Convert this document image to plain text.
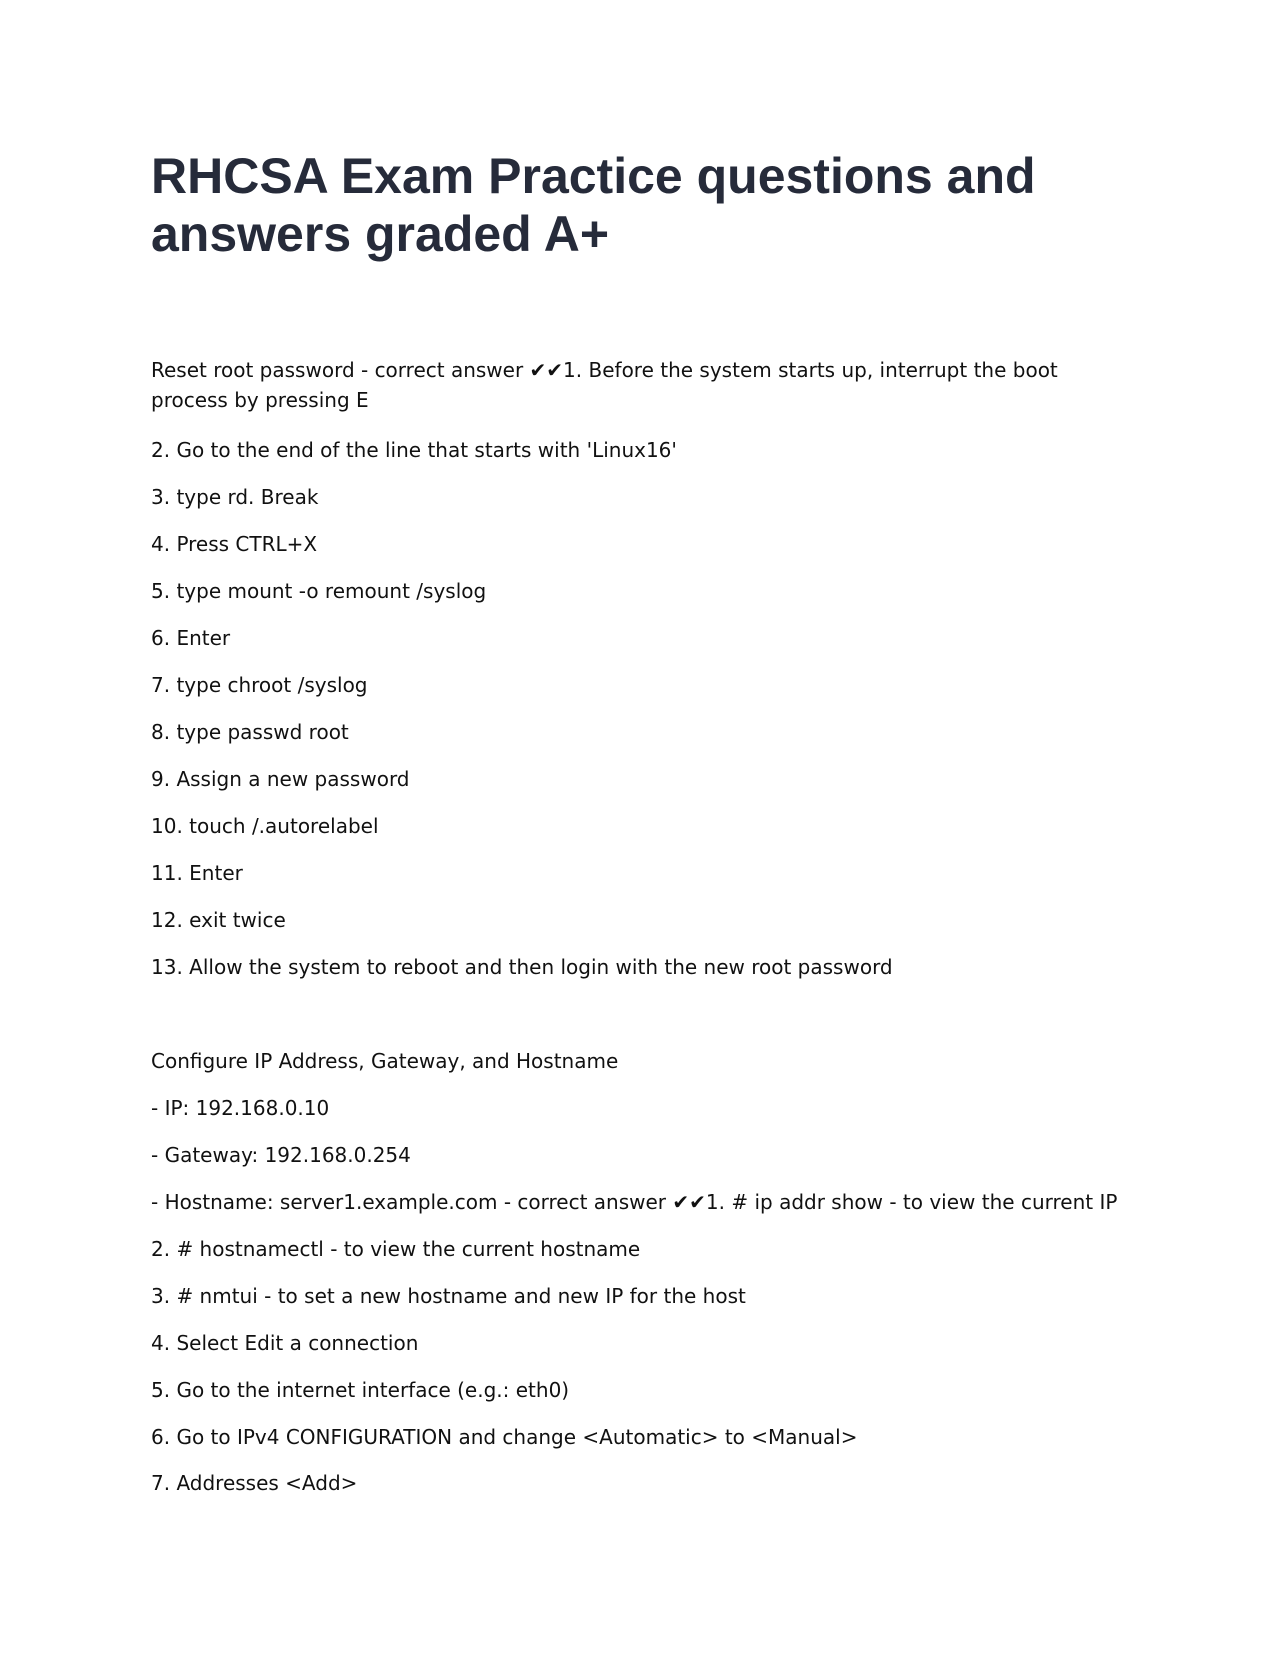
RHCSA Exam Practice questions and
answers graded A+

Reset root password - correct answer ✔✔1. Before the system starts up, interrupt the boot process by pressing E

2. Go to the end of the line that starts with 'Linux16'

3. type rd. Break

4. Press CTRL+X

5. type mount -o remount /syslog

6. Enter

7. type chroot /syslog

8. type passwd root

9. Assign a new password

10. touch /.autorelabel

11. Enter

12. exit twice

13. Allow the system to reboot and then login with the new root password

Configure IP Address, Gateway, and Hostname

- IP: 192.168.0.10

- Gateway: 192.168.0.254

- Hostname: server1.example.com - correct answer ✔✔1. # ip addr show - to view the current IP

2. # hostnamectl - to view the current hostname

3. # nmtui - to set a new hostname and new IP for the host

4. Select Edit a connection

5. Go to the internet interface (e.g.: eth0)

6. Go to IPv4 CONFIGURATION and change <Automatic> to <Manual>

7. Addresses <Add>
